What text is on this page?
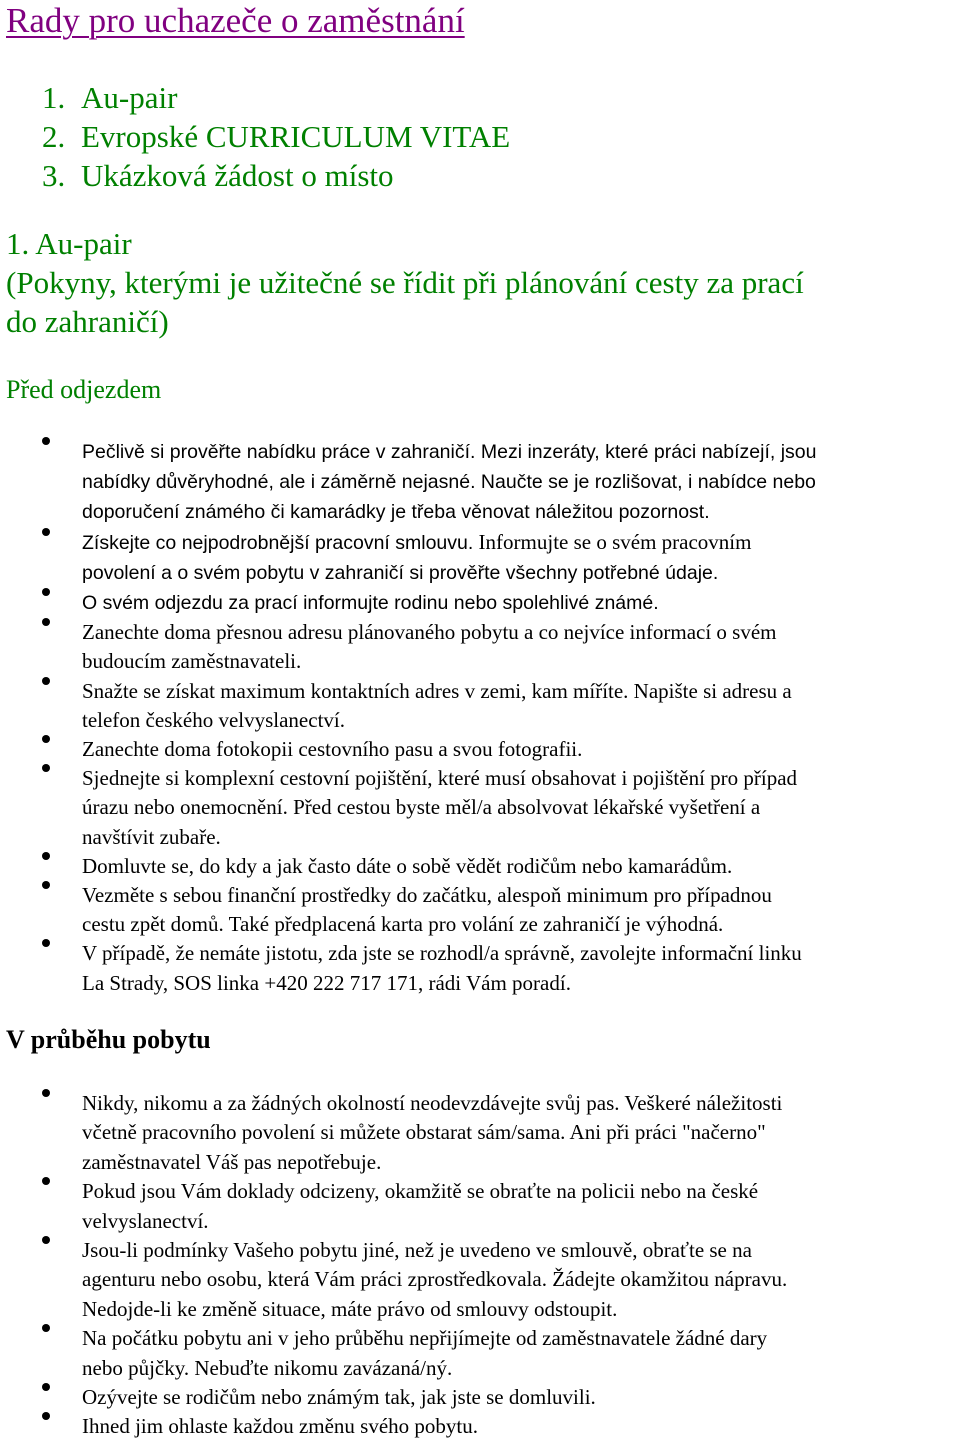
Rady pro uchazeče o zaměstnání
1. Au-pair
2. Evropské CURRICULUM VITAE
3. Ukázková žádost o místo
1. Au-pair
(Pokyny, kterými je užitečné se řídit při plánování cesty za prací
do zahraničí)
Před odjezdem
Pečlivě si prověřte nabídku práce v zahraničí. Mezi inzeráty, které práci nabízejí, jsou
nabídky důvěryhodné, ale i záměrně nejasné. Naučte se je rozlišovat, i nabídce nebo
doporučení známého či kamarádky je třeba věnovat náležitou pozornost.
Získejte co nejpodrobnější pracovní smlouvu. Informujte se o svém pracovním
povolení a o svém pobytu v zahraničí si prověřte všechny potřebné údaje.
O svém odjezdu za prací informujte rodinu nebo spolehlivé známé.
Zanechte doma přesnou adresu plánovaného pobytu a co nejvíce informací o svém
budoucím zaměstnavateli.
Snažte se získat maximum kontaktních adres v zemi, kam míříte. Napište si adresu a
telefon českého velvyslanectví.
Zanechte doma fotokopii cestovního pasu a svou fotografii.
Sjednejte si komplexní cestovní pojištění, které musí obsahovat i pojištění pro případ
úrazu nebo onemocnění. Před cestou byste měl/a absolvovat lékařské vyšetření a
navštívit zubaře.
Domluvte se, do kdy a jak často dáte o sobě vědět rodičům nebo kamarádům.
Vezměte s sebou finanční prostředky do začátku, alespoň minimum pro případnou
cestu zpět domů. Také předplacená karta pro volání ze zahraničí je výhodná.
V případě, že nemáte jistotu, zda jste se rozhodl/a správně, zavolejte informační linku
La Strady, SOS linka +420 222 717 171, rádi Vám poradí.
V průběhu pobytu
Nikdy, nikomu a za žádných okolností neodevzdávejte svůj pas. Veškeré náležitosti
včetně pracovního povolení si můžete obstarat sám/sama. Ani při práci "načerno"
zaměstnavatel Váš pas nepotřebuje.
Pokud jsou Vám doklady odcizeny, okamžitě se obraťte na policii nebo na české
velvyslanectví.
Jsou-li podmínky Vašeho pobytu jiné, než je uvedeno ve smlouvě, obraťte se na
agenturu nebo osobu, která Vám práci zprostředkovala. Žádejte okamžitou nápravu.
Nedojde-li ke změně situace, máte právo od smlouvy odstoupit.
Na počátku pobytu ani v jeho průběhu nepřijímejte od zaměstnavatele žádné dary
nebo půjčky. Nebuďte nikomu zavázaná/ný.
Ozývejte se rodičům nebo známým tak, jak jste se domluvili.
Ihned jim ohlaste každou změnu svého pobytu.
